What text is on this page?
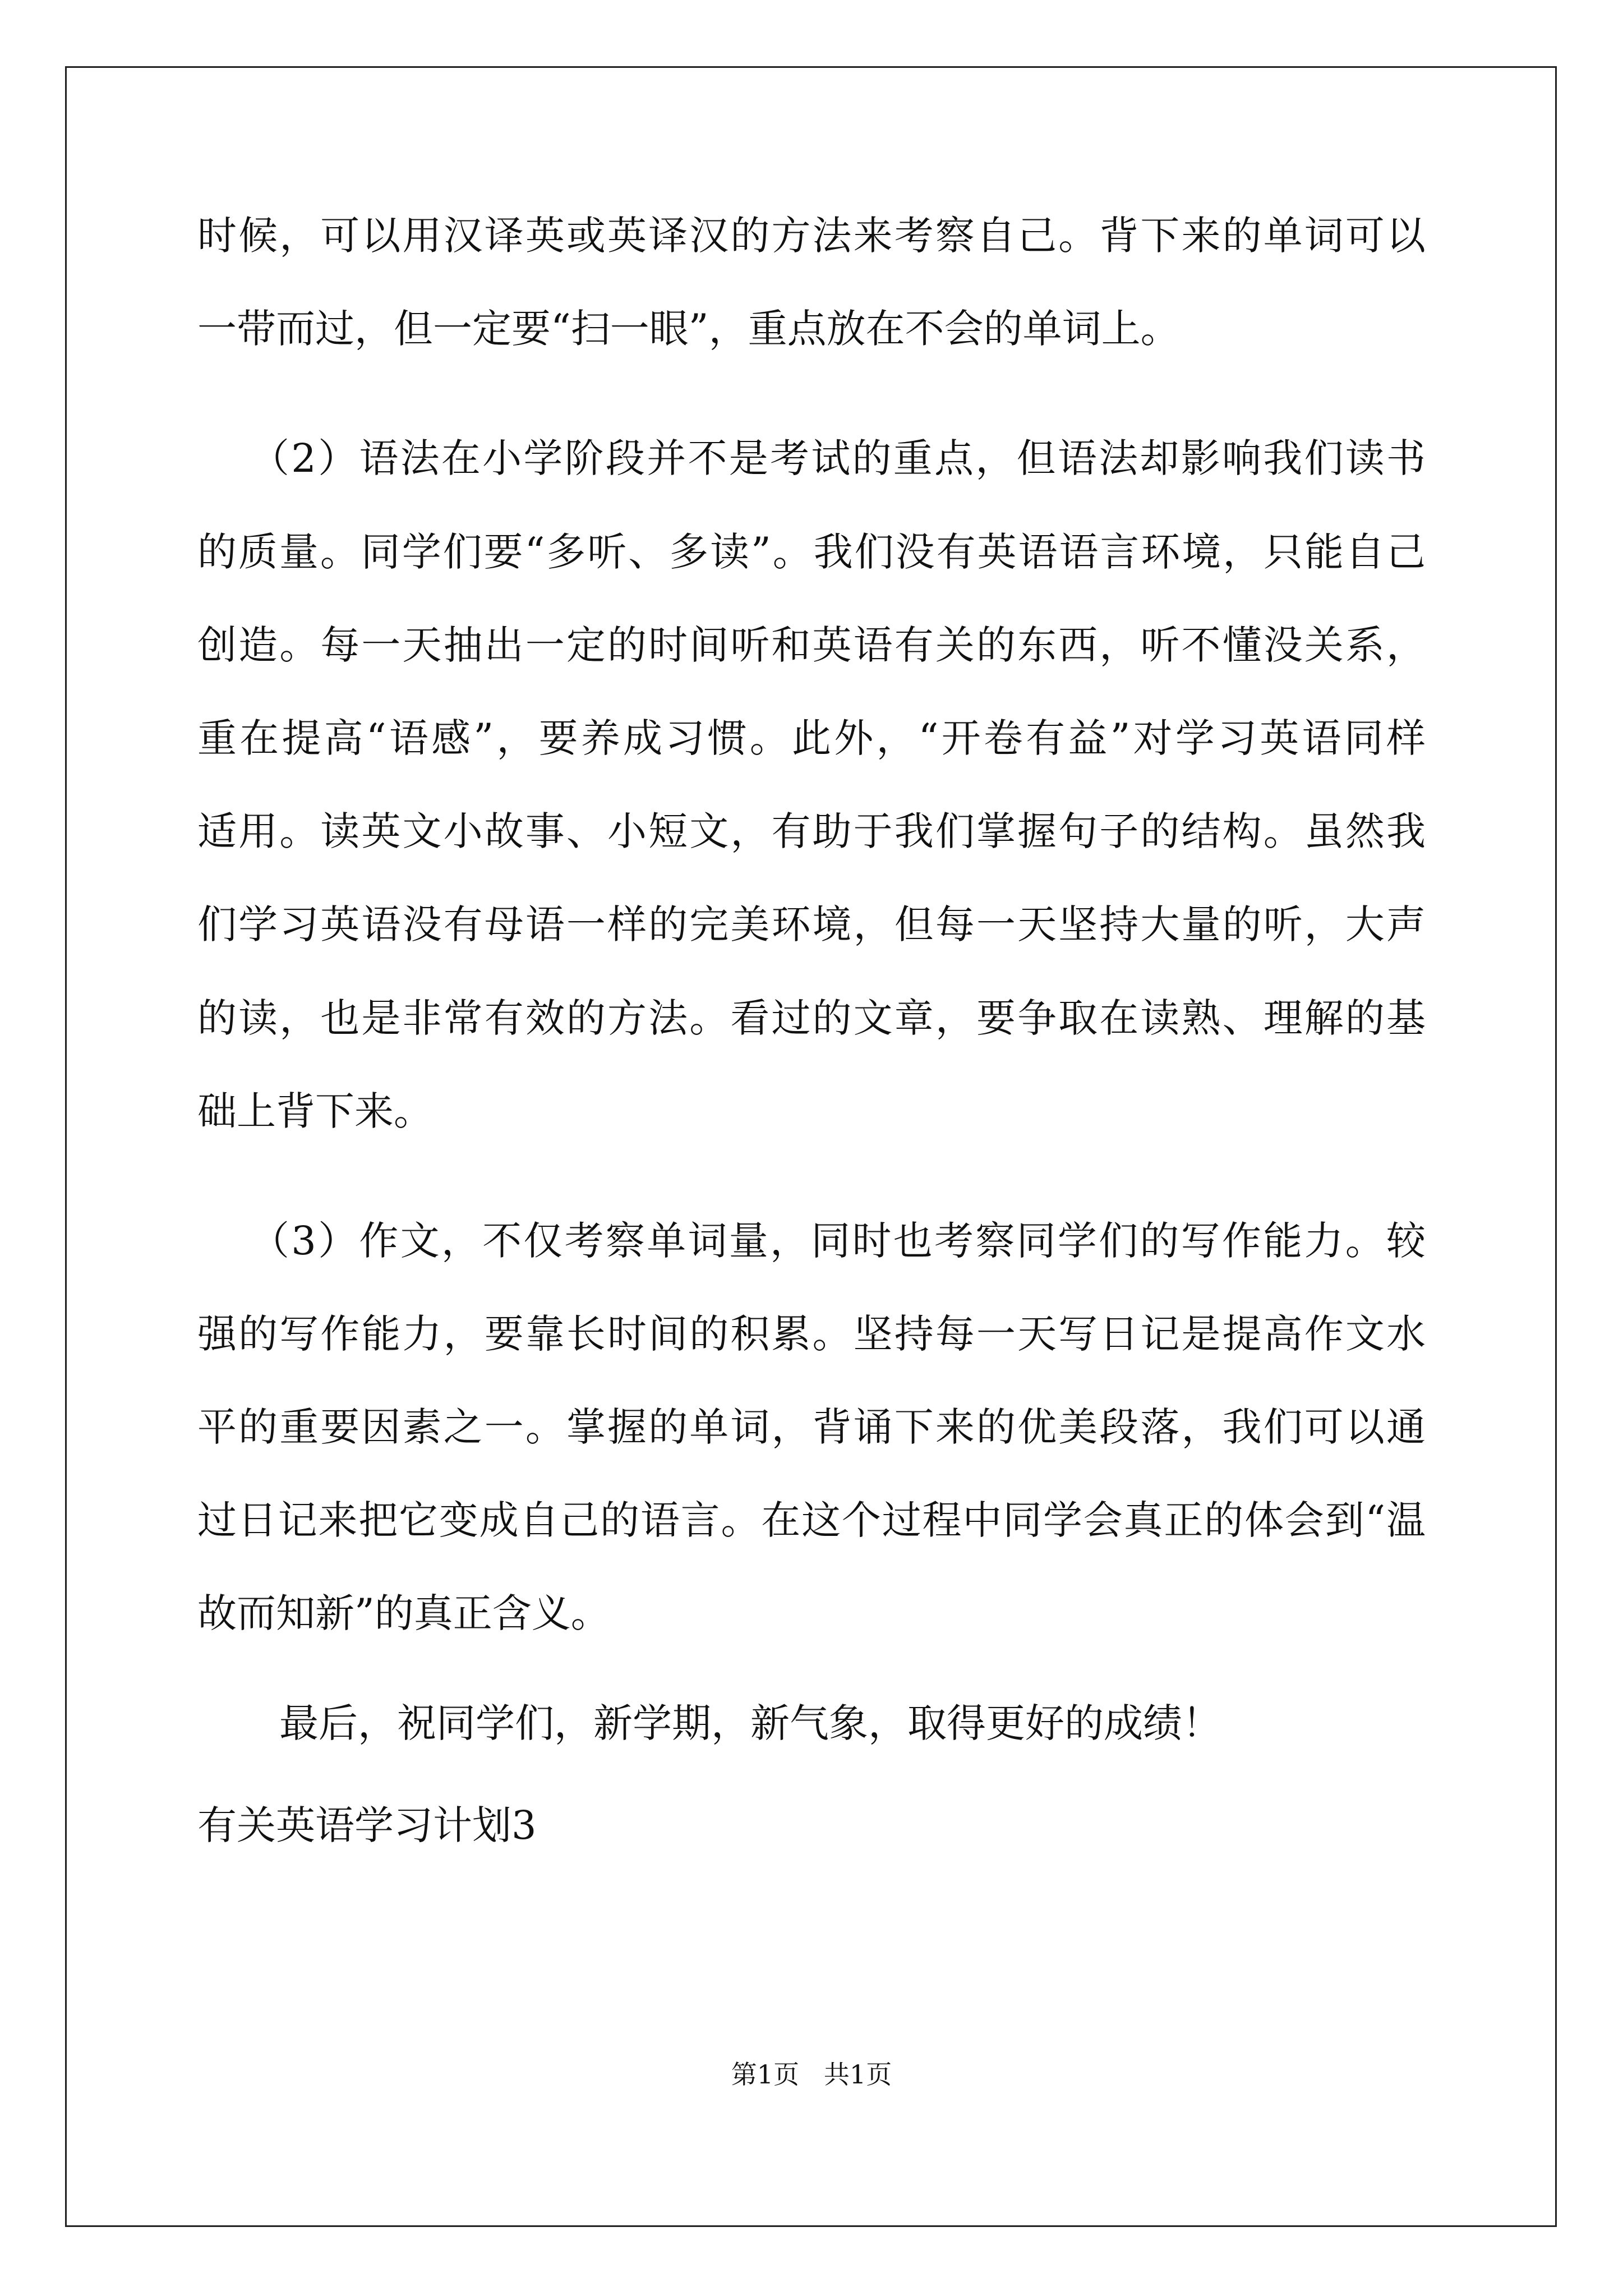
时候，可以用汉译英或英译汉的方法来考察自己。背下来的单词可以
一带而过，但一定要“扫一眼”，重点放在不会的单词上。
（2）语法在小学阶段并不是考试的重点，但语法却影响我们读书
的质量。同学们要“多听、多读”。我们没有英语语言环境，只能自己
创造。每一天抽出一定的时间听和英语有关的东西，听不懂没关系，
重在提高“语感”，要养成习惯。此外，“开卷有益”对学习英语同样
适用。读英文小故事、小短文，有助于我们掌握句子的结构。虽然我
们学习英语没有母语一样的完美环境，但每一天坚持大量的听，大声
的读，也是非常有效的方法。看过的文章，要争取在读熟、理解的基
础上背下来。
（3）作文，不仅考察单词量，同时也考察同学们的写作能力。较
强的写作能力，要靠长时间的积累。坚持每一天写日记是提高作文水
平的重要因素之一。掌握的单词，背诵下来的优美段落，我们可以通
过日记来把它变成自己的语言。在这个过程中同学会真正的体会到“温
故而知新”的真正含义。
最后，祝同学们，新学期，新气象，取得更好的成绩！
有关英语学习计划3
第1页   共1页
